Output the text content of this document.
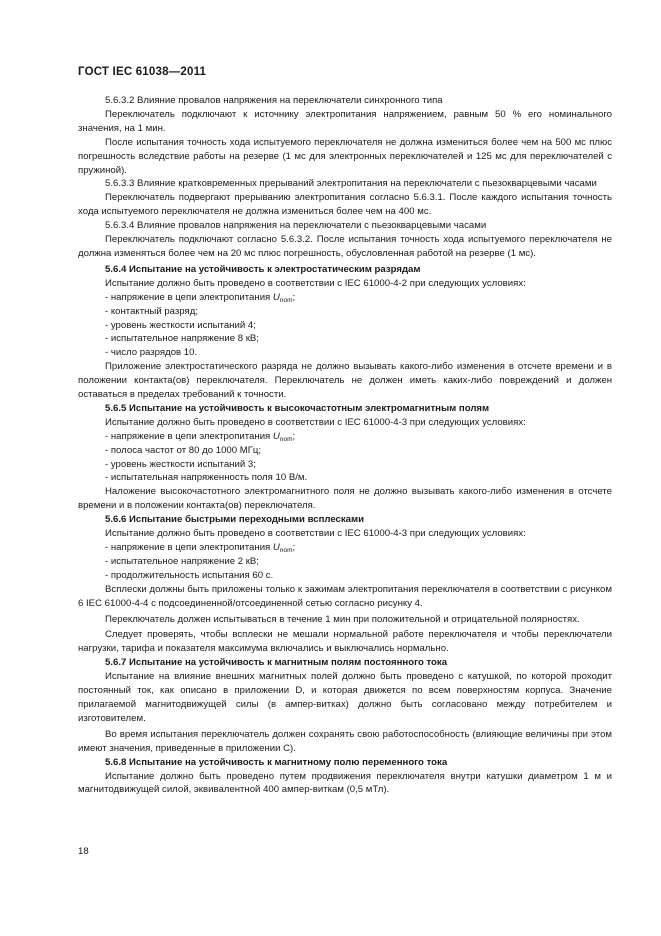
ГОСТ IEC 61038—2011

5.6.3.2 Влияние провалов напряжения на переключатели синхронного типа

Переключатель подключают к источнику электропитания напряжением, равным 50 % его номинального значения, на 1 мин.

После испытания точность хода испытуемого переключателя не должна измениться более чем на 500 мс плюс погрешность вследствие работы на резерве (1 мс для электронных переключателей и 125 мс для переключателей с пружиной).

5.6.3.3 Влияние кратковременных прерываний электропитания на переключатели с пьезокварцевыми часами

Переключатель подвергают прерыванию электропитания согласно 5.6.3.1. После каждого испытания точность хода испытуемого переключателя не должна измениться более чем на 400 мс.

5.6.3.4 Влияние провалов напряжения на переключатели с пьезокварцевыми часами

Переключатель подключают согласно 5.6.3.2. После испытания точность хода испытуемого переключателя не должна изменяться более чем на 20 мс плюс погрешность, обусловленная работой на резерве (1 мс).

5.6.4 Испытание на устойчивость к электростатическим разрядам

Испытание должно быть проведено в соответствии с IEC 61000-4-2 при следующих условиях:

- напряжение в цепи электропитания $U_{nom}$;

- контактный разряд;

- уровень жесткости испытаний 4;

- испытательное напряжение 8 кВ;

- число разрядов 10.

Приложение электростатического разряда не должно вызывать какого-либо изменения в отсчете времени и в положении контакта(ов) переключателя. Переключатель не должен иметь каких-либо повреждений и должен оставаться в пределах требований к точности.

5.6.5 Испытание на устойчивость к высокочастотным электромагнитным полям

Испытание должно быть проведено в соответствии с IEC 61000-4-3 при следующих условиях:

- напряжение в цепи электропитания $U_{nom}$;

- полоса частот от 80 до 1000 МГц;

- уровень жесткости испытаний 3;

- испытательная напряженность поля 10 В/м.

Наложение высокочастотного электромагнитного поля не должно вызывать какого-либо изменения в отсчете времени и в положении контакта(ов) переключателя.

5.6.6 Испытание быстрыми переходными всплесками

Испытание должно быть проведено в соответствии с IEC 61000-4-3 при следующих условиях:

- напряжение в цепи электропитания $U_{nom}$;

- испытательное напряжение 2 кВ;

- продолжительность испытания 60 с.

Всплески должны быть приложены только к зажимам электропитания переключателя в соответствии с рисунком 6 IEC 61000-4-4 с подсоединенной/отсоединенной сетью согласно рисунку 4.

Переключатель должен испытываться в течение 1 мин при положительной и отрицательной полярностях.

Следует проверять, чтобы всплески не мешали нормальной работе переключателя и чтобы переключатели нагрузки, тарифа и показателя максимума включались и выключались нормально.

5.6.7 Испытание на устойчивость к магнитным полям постоянного тока

Испытание на влияние внешних магнитных полей должно быть проведено с катушкой, по которой проходит постоянный ток, как описано в приложении D, и которая движется по всем поверхностям корпуса. Значение прилагаемой магнитодвижущей силы (в ампер-витках) должно быть согласовано между потребителем и изготовителем.

Во время испытания переключатель должен сохранять свою работоспособность (влияющие величины при этом имеют значения, приведенные в приложении С).

5.6.8 Испытание на устойчивость к магнитному полю переменного тока

Испытание должно быть проведено путем продвижения переключателя внутри катушки диаметром 1 м и магнитодвижущей силой, эквивалентной 400 ампер-виткам (0,5 мТл).

18
